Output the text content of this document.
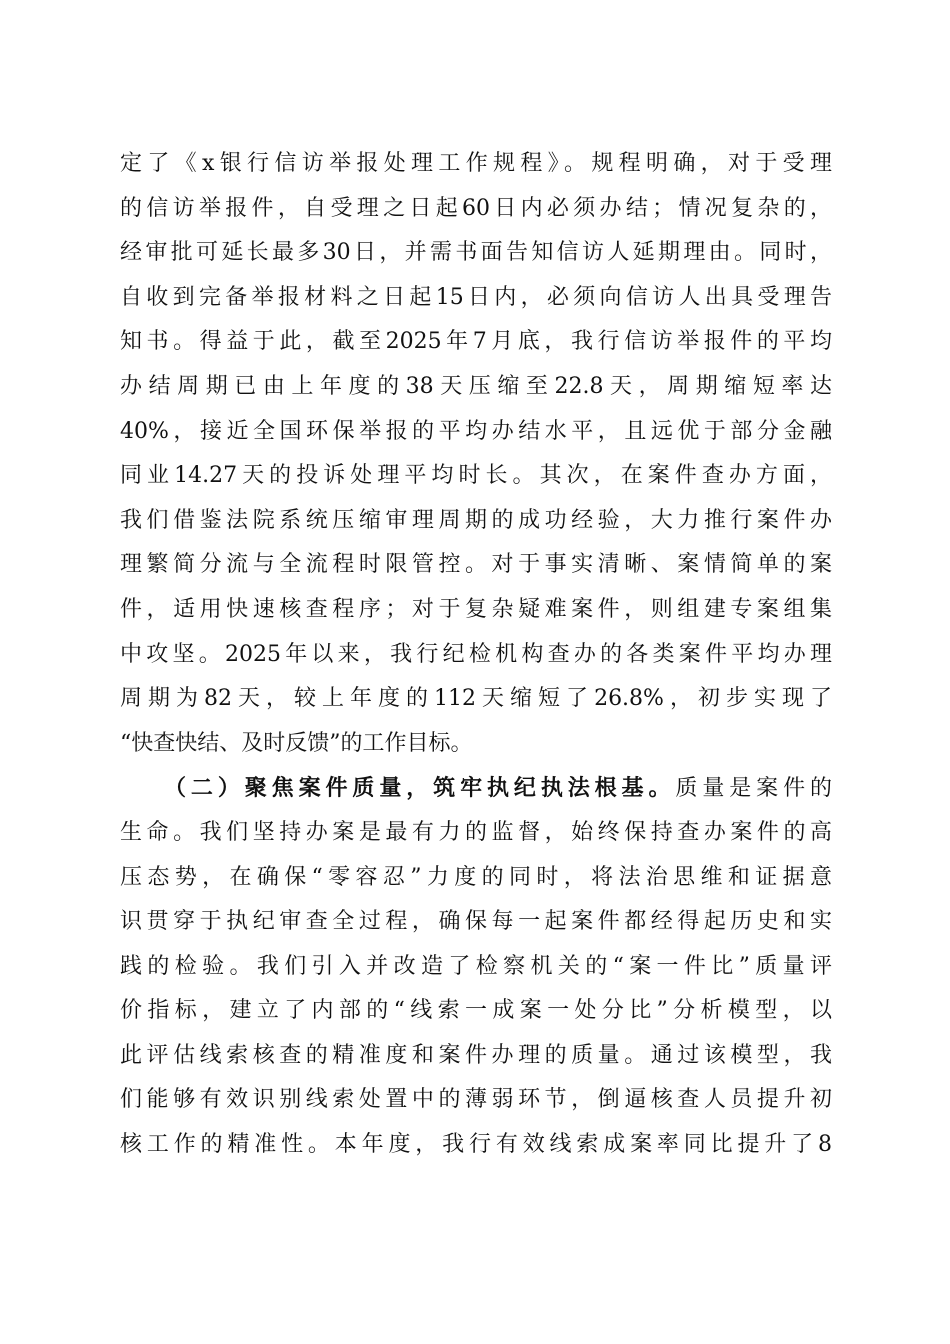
定了《x银行信访举报处理工作规程》。规程明确，对于受理
的信访举报件，自受理之日起60日内必须办结；情况复杂的，
经审批可延长最多30日，并需书面告知信访人延期理由。同时，
自收到完备举报材料之日起15日内，必须向信访人出具受理告
知书。得益于此，截至2025年7月底，我行信访举报件的平均
办结周期已由上年度的38天压缩至22.8天，周期缩短率达
40%，接近全国环保举报的平均办结水平，且远优于部分金融
同业14.27天的投诉处理平均时长。其次，在案件查办方面，
我们借鉴法院系统压缩审理周期的成功经验，大力推行案件办
理繁简分流与全流程时限管控。对于事实清晰、案情简单的案
件，适用快速核查程序；对于复杂疑难案件，则组建专案组集
中攻坚。2025年以来，我行纪检机构查办的各类案件平均办理
周期为82天，较上年度的112天缩短了26.8%，初步实现了
“快查快结、及时反馈”的工作目标。
（二）聚焦案件质量，筑牢执纪执法根基。质量是案件的
生命。我们坚持办案是最有力的监督，始终保持查办案件的高
压态势，在确保“零容忍”力度的同时，将法治思维和证据意
识贯穿于执纪审查全过程，确保每一起案件都经得起历史和实
践的检验。我们引入并改造了检察机关的“案一件比”质量评
价指标，建立了内部的“线索一成案一处分比”分析模型，以
此评估线索核查的精准度和案件办理的质量。通过该模型，我
们能够有效识别线索处置中的薄弱环节，倒逼核查人员提升初
核工作的精准性。本年度，我行有效线索成案率同比提升了8
